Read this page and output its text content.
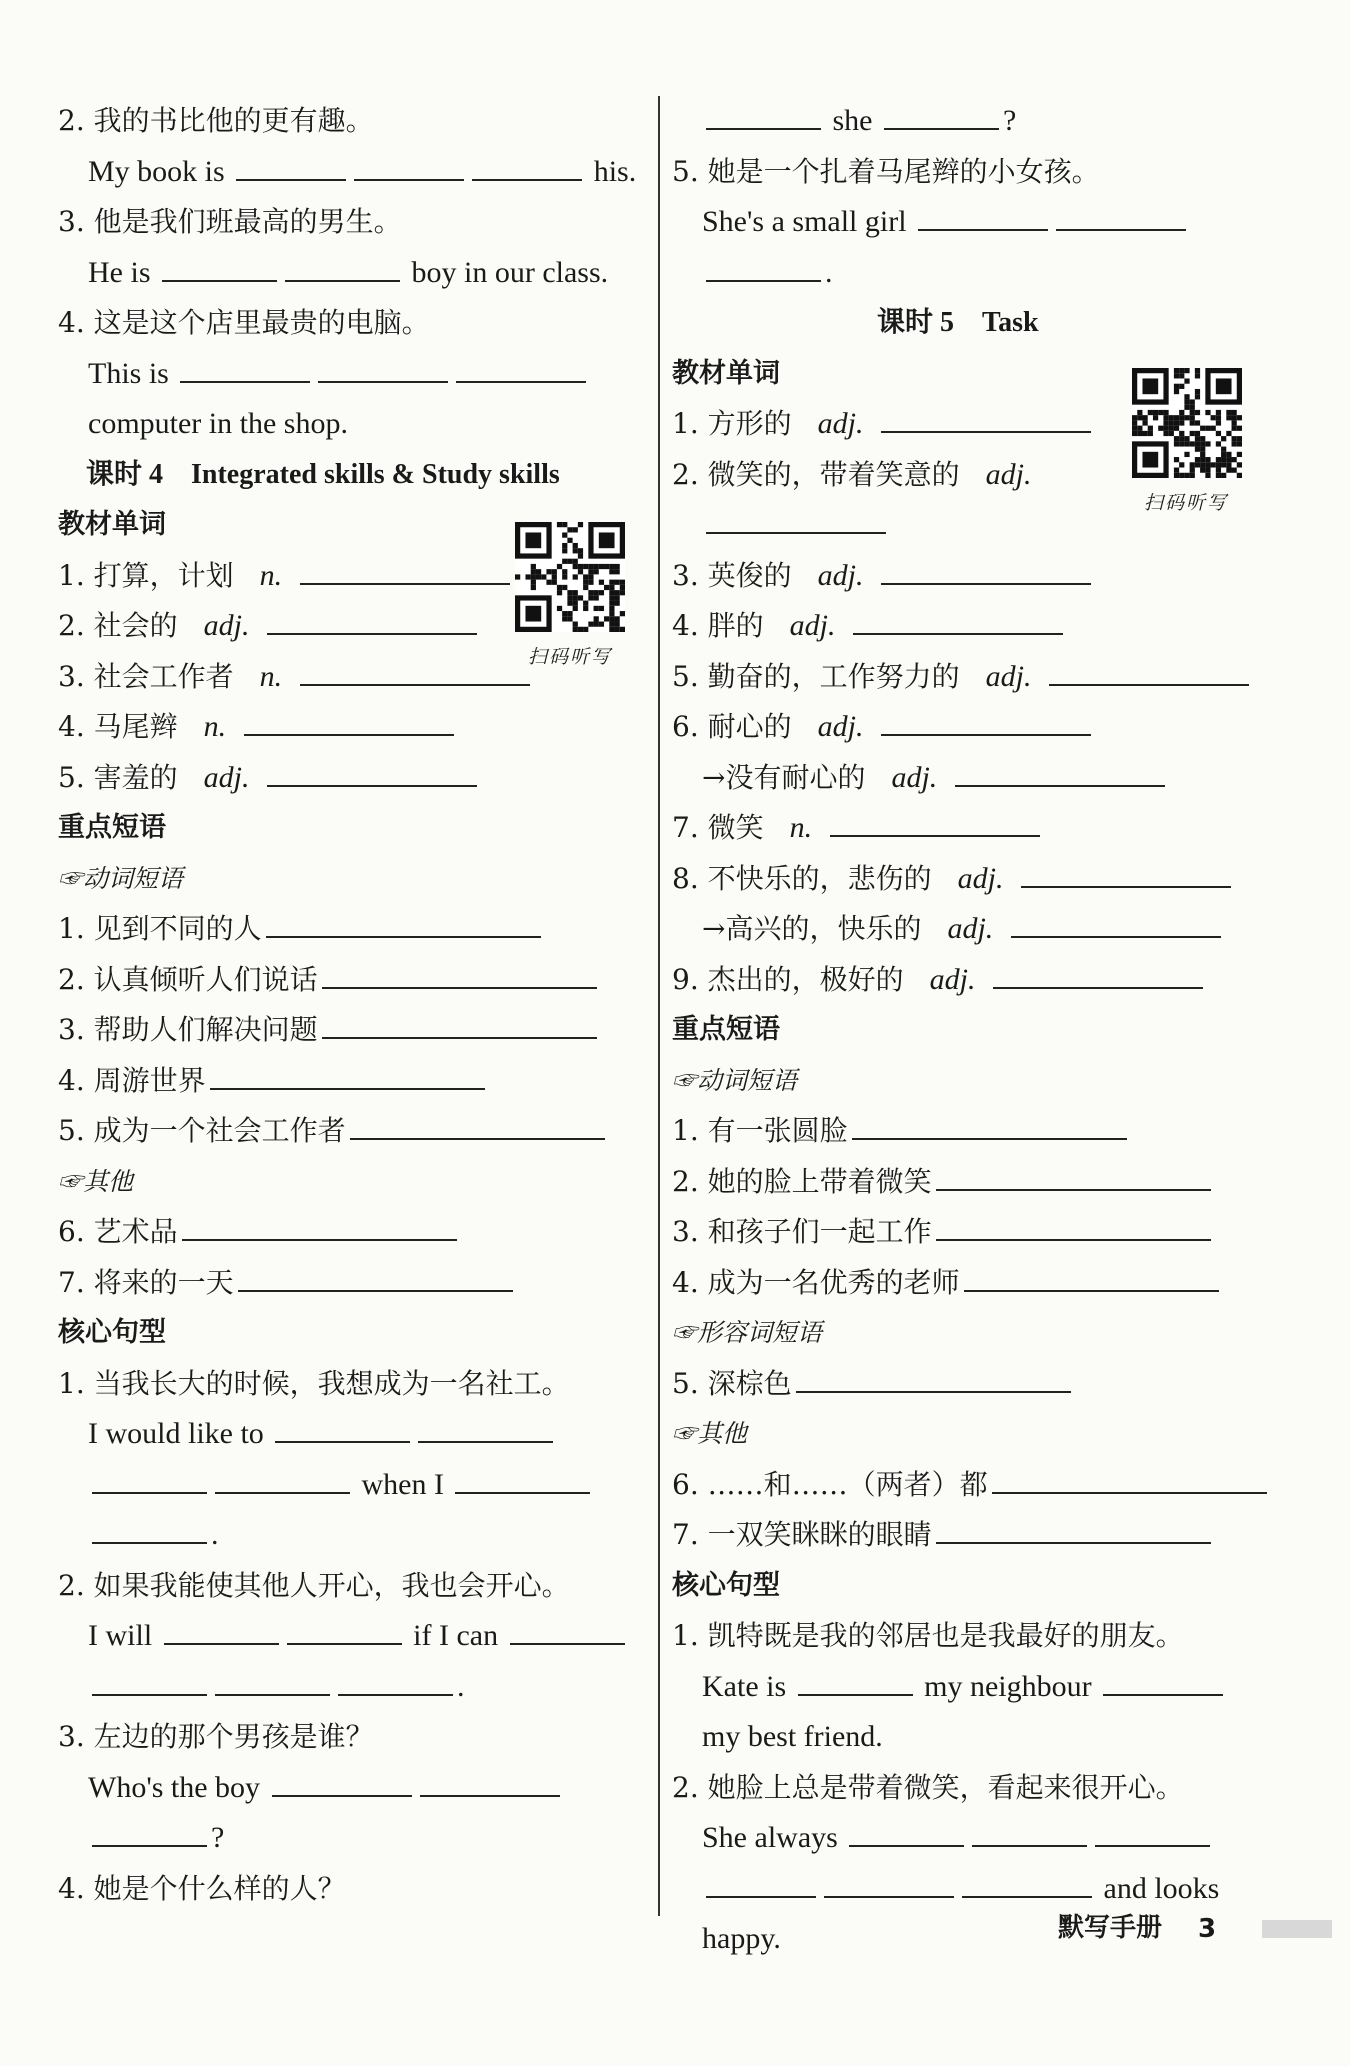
2. 我的书比他的更有趣。
My book is	his.
3. 他是我们班最高的男生。
He is	boy in our class.
4. 这是这个店里最贵的电脑。
This is
computer in the shop.
课时 4　Integrated skills & Study skills
教材单词
1. 打算，计划 n.
2. 社会的 adj.
3. 社会工作者 n.
4. 马尾辫 n.
5. 害羞的 adj.
重点短语
☞动词短语
1. 见到不同的人
2. 认真倾听人们说话
3. 帮助人们解决问题
4. 周游世界
5. 成为一个社会工作者
☞其他
6. 艺术品
7. 将来的一天
核心句型
1. 当我长大的时候，我想成为一名社工。
I would like to
when I
.
2. 如果我能使其他人开心，我也会开心。
I will	if I can
.
3. 左边的那个男孩是谁？
Who's the boy
?
4. 她是个什么样的人？
she	?
5. 她是一个扎着马尾辫的小女孩。
She's a small girl
.
课时 5　Task
教材单词
1. 方形的 adj.
2. 微笑的，带着笑意的 adj.
3. 英俊的 adj.
4. 胖的 adj.
5. 勤奋的，工作努力的 adj.
6. 耐心的 adj.
→没有耐心的 adj.
7. 微笑 n.
8. 不快乐的，悲伤的 adj.
→高兴的，快乐的 adj.
9. 杰出的，极好的 adj.
重点短语
☞动词短语
1. 有一张圆脸
2. 她的脸上带着微笑
3. 和孩子们一起工作
4. 成为一名优秀的老师
☞形容词短语
5. 深棕色
☞其他
6. ……和……（两者）都
7. 一双笑眯眯的眼睛
核心句型
1. 凯特既是我的邻居也是我最好的朋友。
Kate is	my neighbour
my best friend.
2. 她脸上总是带着微笑，看起来很开心。
She always
and looks
happy.
扫码听写
扫码听写
默写手册 3
